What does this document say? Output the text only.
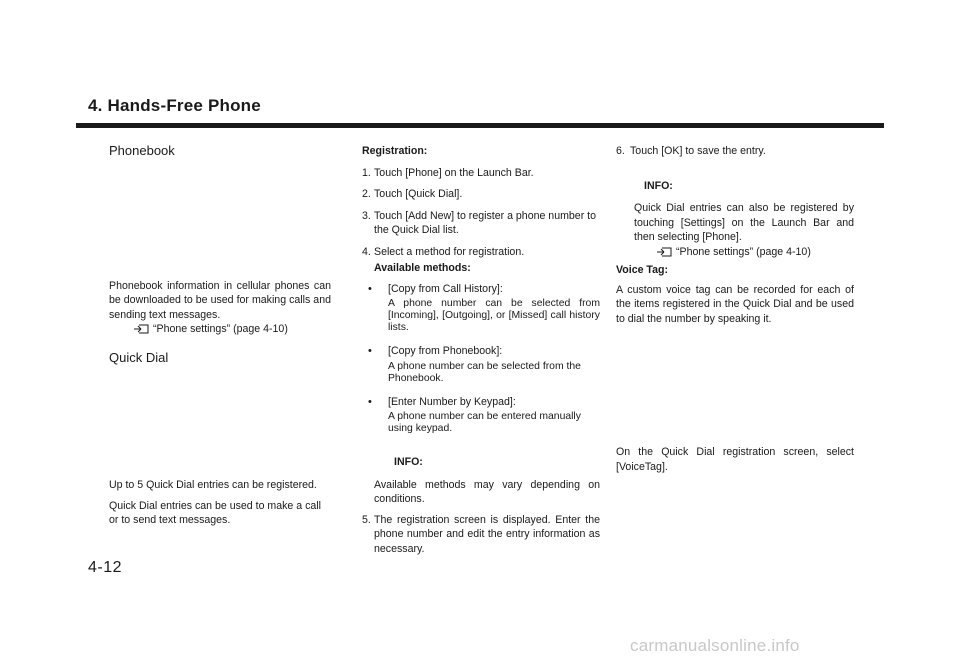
4. Hands-Free Phone
Phonebook

Phonebook information in cellular phones can be downloaded to be used for making calls and sending text messages.

“Phone settings” (page 4-10)
Quick Dial

Up to 5 Quick Dial entries can be registered.

Quick Dial entries can be used to make a call or to send text messages.

Registration:

1. Touch [Phone] on the Launch Bar.
2. Touch [Quick Dial].
3. Touch [Add New] to register a phone number to the Quick Dial list.
4. Select a method for registration.

Available methods:

•	[Copy from Call History]:

A phone number can be selected from [Incoming], [Outgoing], or [Missed] call history lists.

•	[Copy from Phonebook]:

A phone number can be selected from the Phonebook.

•	[Enter Number by Keypad]:

A phone number can be entered manually using keypad.

INFO:

Available methods may vary depending on conditions.

5. The registration screen is displayed. Enter the phone number and edit the entry information as necessary.
6. Touch [OK] to save the entry.

INFO:

Quick Dial entries can also be registered by touching [Settings] on the Launch Bar and then selecting [Phone].

“Phone settings” (page 4-10)

Voice Tag:

A custom voice tag can be recorded for each of the items registered in the Quick Dial and be used to dial the number by speaking it.

On the Quick Dial registration screen, select [VoiceTag].

4-12
carmanualsonline.info
